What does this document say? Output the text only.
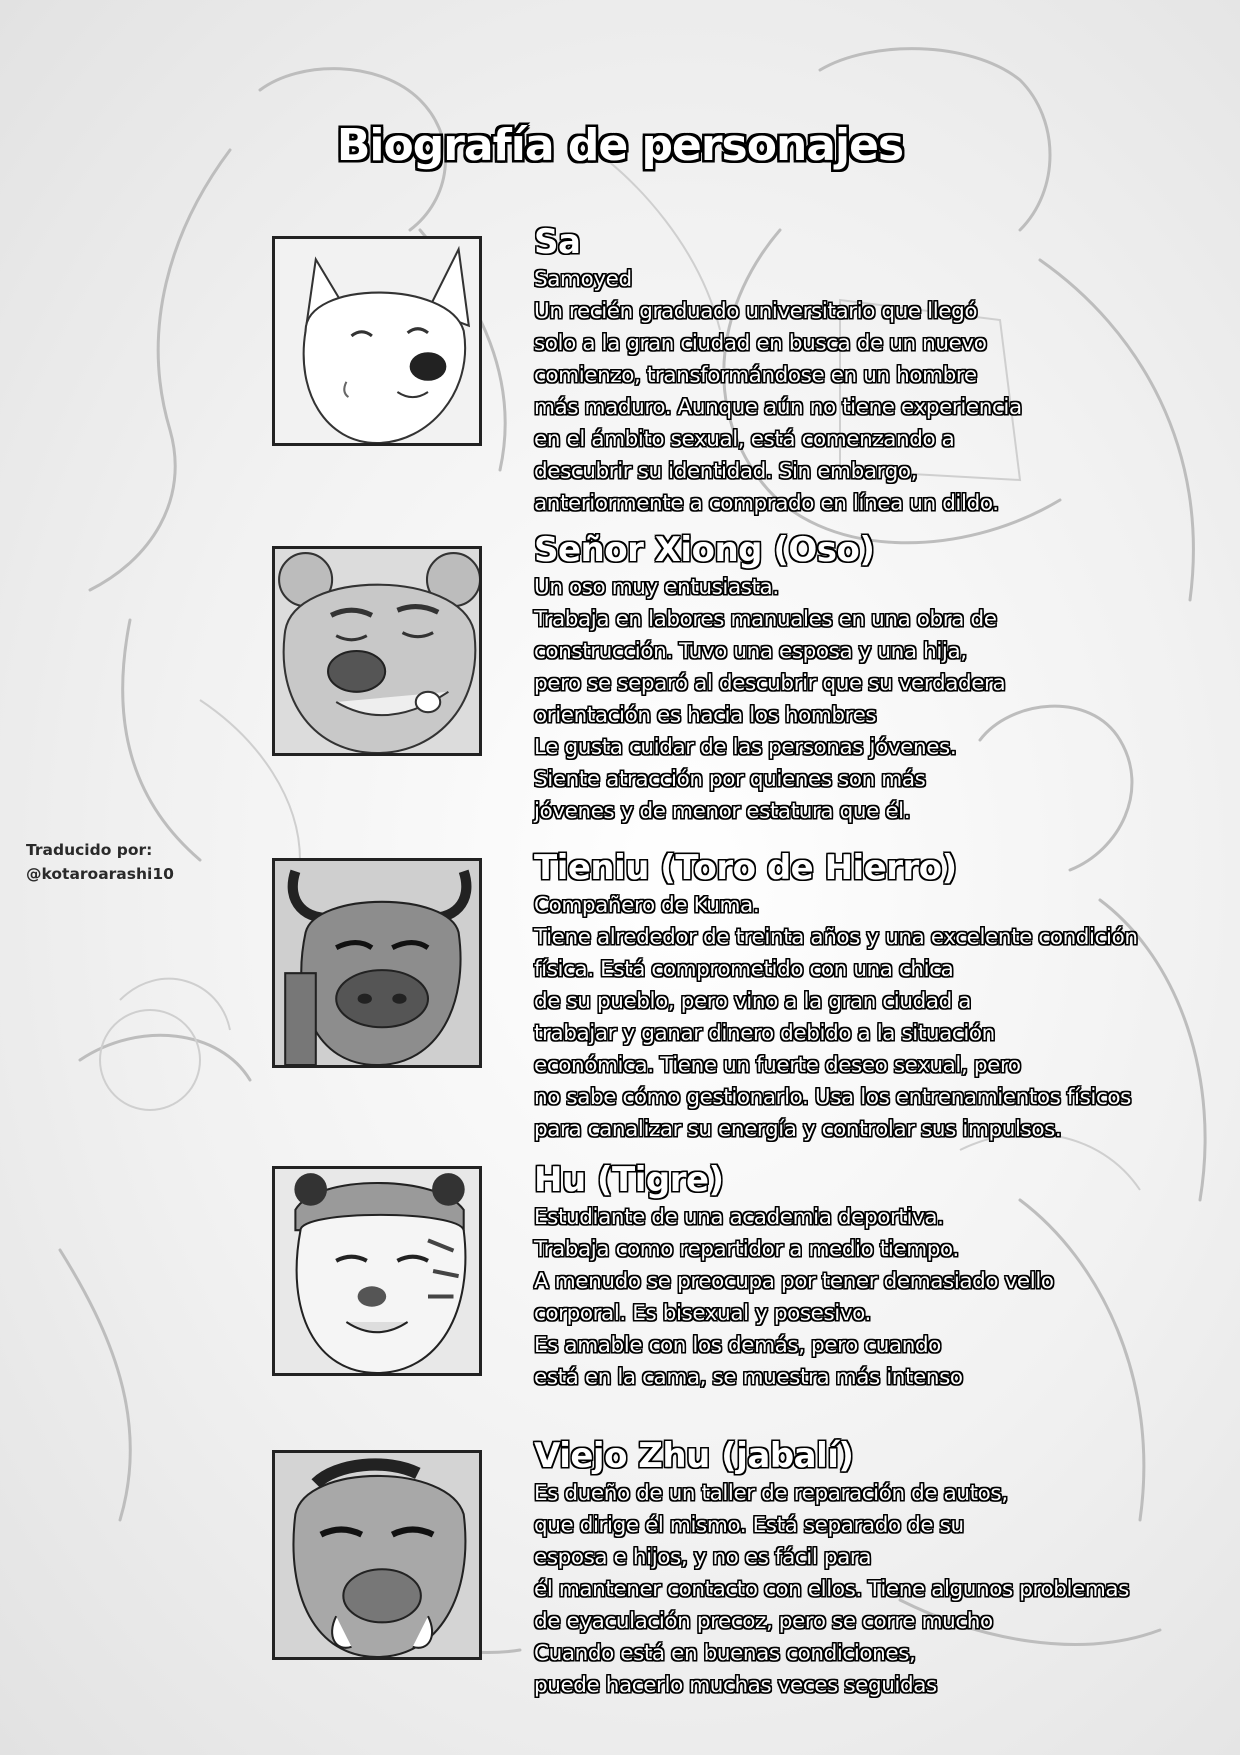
Biografía de personajes
Traducido por:
@kotaroarashi10
Sa
Samoyed
Un recién graduado universitario que llegó
solo a la gran ciudad en busca de un nuevo
comienzo, transformándose en un hombre
más maduro. Aunque aún no tiene experiencia
en el ámbito sexual, está comenzando a
descubrir su identidad. Sin embargo,
anteriormente a comprado en línea un dildo.
Señor Xiong (Oso)
Un oso muy entusiasta.
Trabaja en labores manuales en una obra de
construcción. Tuvo una esposa y una hija,
pero se separó al descubrir que su verdadera
orientación es hacia los hombres
Le gusta cuidar de las personas jóvenes.
Siente atracción por quienes son más
jóvenes y de menor estatura que él.
Tieniu (Toro de Hierro)
Compañero de Kuma.
Tiene alrededor de treinta años y una excelente condición
física. Está comprometido con una chica
de su pueblo, pero vino a la gran ciudad a
trabajar y ganar dinero debido a la situación
económica. Tiene un fuerte deseo sexual, pero
no sabe cómo gestionarlo. Usa los entrenamientos físicos
para canalizar su energía y controlar sus impulsos.
Hu (Tigre)
Estudiante de una academia deportiva.
Trabaja como repartidor a medio tiempo.
A menudo se preocupa por tener demasiado vello
corporal. Es bisexual y posesivo.
Es amable con los demás, pero cuando
está en la cama, se muestra más intenso
Viejo Zhu (jabalí)
Es dueño de un taller de reparación de autos,
que dirige él mismo. Está separado de su
esposa e hijos, y no es fácil para
él mantener contacto con ellos. Tiene algunos problemas
de eyaculación precoz, pero se corre mucho
Cuando está en buenas condiciones,
puede hacerlo muchas veces seguidas
